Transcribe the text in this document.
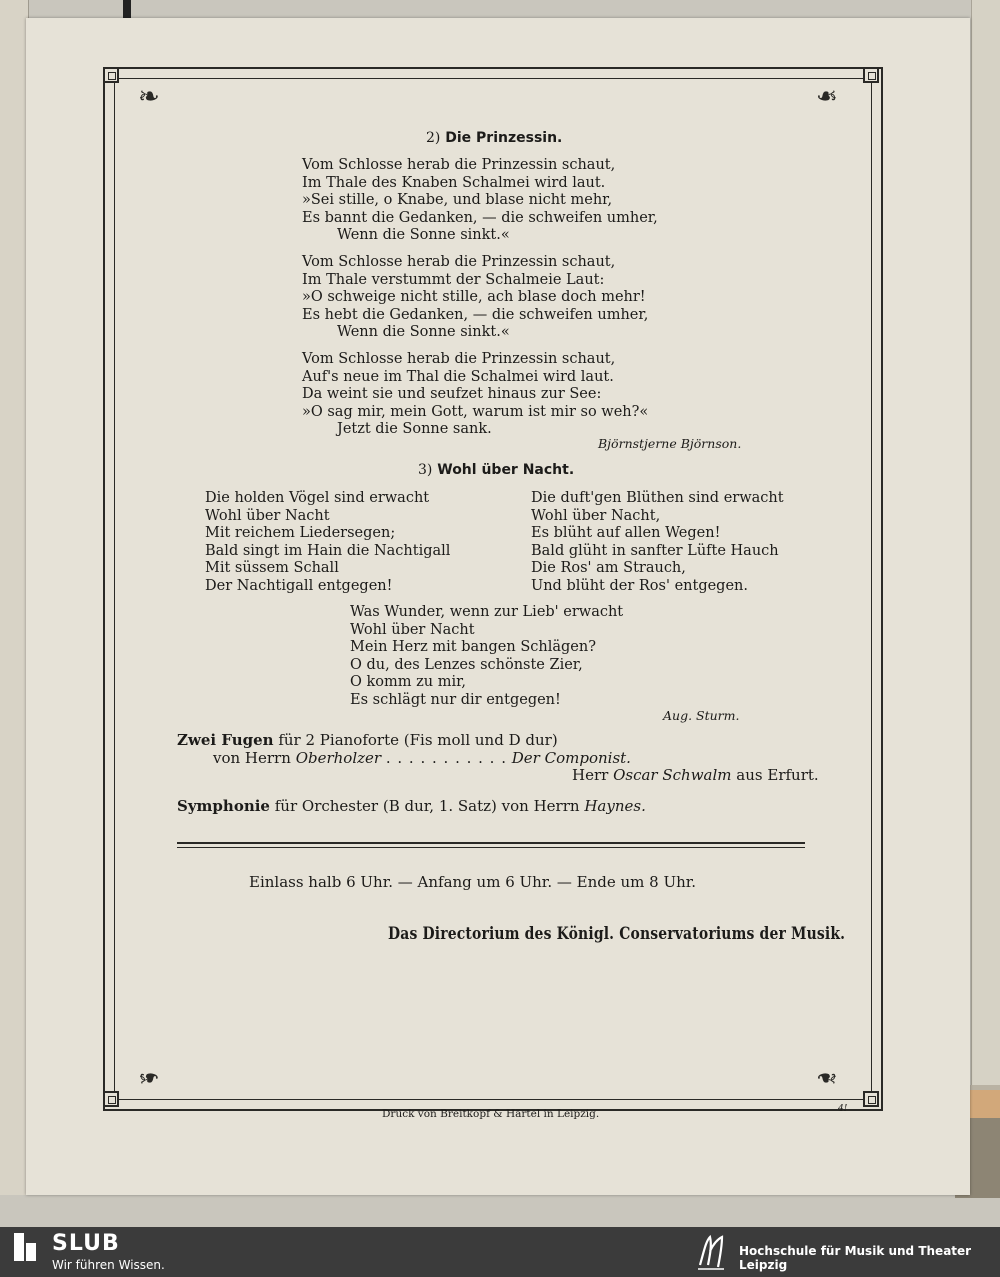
❧	❧
❧	❧
2) Die Prinzessin.
Vom Schlosse herab die Prinzessin schaut,
Im Thale des Knaben Schalmei wird laut.
»Sei stille, o Knabe, und blase nicht mehr,
Es bannt die Gedanken, — die schweifen umher,
Wenn die Sonne sinkt.«
Vom Schlosse herab die Prinzessin schaut,
Im Thale verstummt der Schalmeie Laut:
»O schweige nicht stille, ach blase doch mehr!
Es hebt die Gedanken, — die schweifen umher,
Wenn die Sonne sinkt.«
Vom Schlosse herab die Prinzessin schaut,
Auf's neue im Thal die Schalmei wird laut.
Da weint sie und seufzet hinaus zur See:
»O sag mir, mein Gott, warum ist mir so weh?«
Jetzt die Sonne sank.
Björnstjerne Björnson.
3) Wohl über Nacht.
Die holden Vögel sind erwacht
Wohl über Nacht
Mit reichem Liedersegen;
Bald singt im Hain die Nachtigall
Mit süssem Schall
Der Nachtigall entgegen!
Die duft'gen Blüthen sind erwacht
Wohl über Nacht,
Es blüht auf allen Wegen!
Bald glüht in sanfter Lüfte Hauch
Die Ros' am Strauch,
Und blüht der Ros' entgegen.
Was Wunder, wenn zur Lieb' erwacht
Wohl über Nacht
Mein Herz mit bangen Schlägen?
O du, des Lenzes schönste Zier,
O komm zu mir,
Es schlägt nur dir entgegen!
Aug. Sturm.
Zwei Fugen für 2 Pianoforte (Fis moll und D dur)
von Herrn Oberholzer . . . . . . . . . . . Der Componist.
Herr Oscar Schwalm aus Erfurt.
Symphonie für Orchester (B dur, 1. Satz) von Herrn Haynes.
Einlass halb 6 Uhr. — Anfang um 6 Uhr. — Ende um 8 Uhr.
Das Directorium des Königl. Conservatoriums der Musik.
Druck von Breitkopf & Härtel in Leipzig.	4!
SLUB
Wir führen Wissen.
Hochschule für Musik und Theater Leipzig
